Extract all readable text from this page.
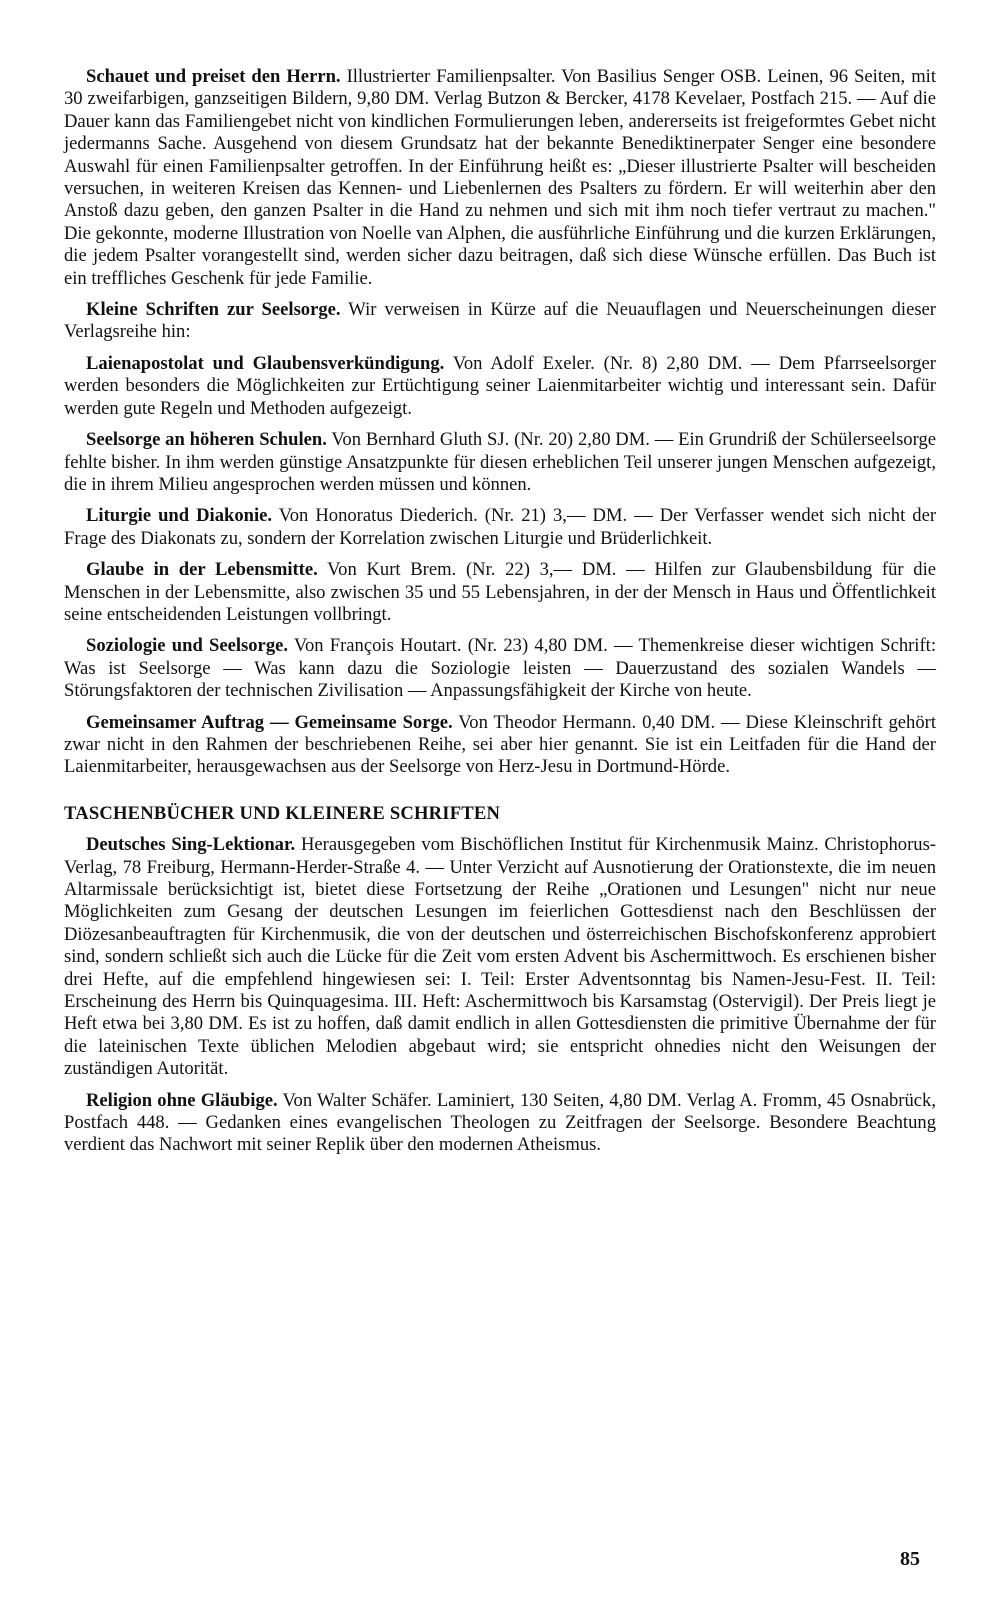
Schauet und preiset den Herrn. Illustrierter Familienpsalter. Von Basilius Senger OSB. Leinen, 96 Seiten, mit 30 zweifarbigen, ganzseitigen Bildern, 9,80 DM. Verlag Butzon & Bercker, 4178 Kevelaer, Postfach 215. — Auf die Dauer kann das Familiengebet nicht von kindlichen Formulierungen leben, andererseits ist freigeformtes Gebet nicht jedermanns Sache. Ausgehend von diesem Grundsatz hat der bekannte Benediktinerpater Senger eine besondere Auswahl für einen Familienpsalter getroffen. In der Einführung heißt es: „Dieser illustrierte Psalter will bescheiden versuchen, in weiteren Kreisen das Kennen- und Liebenlernen des Psalters zu fördern. Er will weiterhin aber den Anstoß dazu geben, den ganzen Psalter in die Hand zu nehmen und sich mit ihm noch tiefer vertraut zu machen." Die gekonnte, moderne Illustration von Noelle van Alphen, die ausführliche Einführung und die kurzen Erklärungen, die jedem Psalter vorangestellt sind, werden sicher dazu beitragen, daß sich diese Wünsche erfüllen. Das Buch ist ein treffliches Geschenk für jede Familie.

Kleine Schriften zur Seelsorge. Wir verweisen in Kürze auf die Neuauflagen und Neuerscheinungen dieser Verlagsreihe hin:

Laienapostolat und Glaubensverkündigung. Von Adolf Exeler. (Nr. 8) 2,80 DM. — Dem Pfarrseelsorger werden besonders die Möglichkeiten zur Ertüchtigung seiner Laienmitarbeiter wichtig und interessant sein. Dafür werden gute Regeln und Methoden aufgezeigt.

Seelsorge an höheren Schulen. Von Bernhard Gluth SJ. (Nr. 20) 2,80 DM. — Ein Grundriß der Schülerseelsorge fehlte bisher. In ihm werden günstige Ansatzpunkte für diesen erheblichen Teil unserer jungen Menschen aufgezeigt, die in ihrem Milieu angesprochen werden müssen und können.

Liturgie und Diakonie. Von Honoratus Diederich. (Nr. 21) 3,— DM. — Der Verfasser wendet sich nicht der Frage des Diakonats zu, sondern der Korrelation zwischen Liturgie und Brüderlichkeit.

Glaube in der Lebensmitte. Von Kurt Brem. (Nr. 22) 3,— DM. — Hilfen zur Glaubensbildung für die Menschen in der Lebensmitte, also zwischen 35 und 55 Lebensjahren, in der der Mensch in Haus und Öffentlichkeit seine entscheidenden Leistungen vollbringt.

Soziologie und Seelsorge. Von François Houtart. (Nr. 23) 4,80 DM. — Themenkreise dieser wichtigen Schrift: Was ist Seelsorge — Was kann dazu die Soziologie leisten — Dauerzustand des sozialen Wandels — Störungsfaktoren der technischen Zivilisation — Anpassungsfähigkeit der Kirche von heute.

Gemeinsamer Auftrag — Gemeinsame Sorge. Von Theodor Hermann. 0,40 DM. — Diese Kleinschrift gehört zwar nicht in den Rahmen der beschriebenen Reihe, sei aber hier genannt. Sie ist ein Leitfaden für die Hand der Laienmitarbeiter, herausgewachsen aus der Seelsorge von Herz-Jesu in Dortmund-Hörde.

TASCHENBÜCHER UND KLEINERE SCHRIFTEN

Deutsches Sing-Lektionar. Herausgegeben vom Bischöflichen Institut für Kirchenmusik Mainz. Christophorus-Verlag, 78 Freiburg, Hermann-Herder-Straße 4. — Unter Verzicht auf Ausnotierung der Orationstexte, die im neuen Altarmissale berücksichtigt ist, bietet diese Fortsetzung der Reihe „Orationen und Lesungen" nicht nur neue Möglichkeiten zum Gesang der deutschen Lesungen im feierlichen Gottesdienst nach den Beschlüssen der Diözesanbeauftragten für Kirchenmusik, die von der deutschen und österreichischen Bischofskonferenz approbiert sind, sondern schließt sich auch die Lücke für die Zeit vom ersten Advent bis Aschermittwoch. Es erschienen bisher drei Hefte, auf die empfehlend hingewiesen sei: I. Teil: Erster Adventsonntag bis Namen-Jesu-Fest. II. Teil: Erscheinung des Herrn bis Quinquagesima. III. Heft: Aschermittwoch bis Karsamstag (Ostervigil). Der Preis liegt je Heft etwa bei 3,80 DM. Es ist zu hoffen, daß damit endlich in allen Gottesdiensten die primitive Übernahme der für die lateinischen Texte üblichen Melodien abgebaut wird; sie entspricht ohnedies nicht den Weisungen der zuständigen Autorität.

Religion ohne Gläubige. Von Walter Schäfer. Laminiert, 130 Seiten, 4,80 DM. Verlag A. Fromm, 45 Osnabrück, Postfach 448. — Gedanken eines evangelischen Theologen zu Zeitfragen der Seelsorge. Besondere Beachtung verdient das Nachwort mit seiner Replik über den modernen Atheismus.

85
